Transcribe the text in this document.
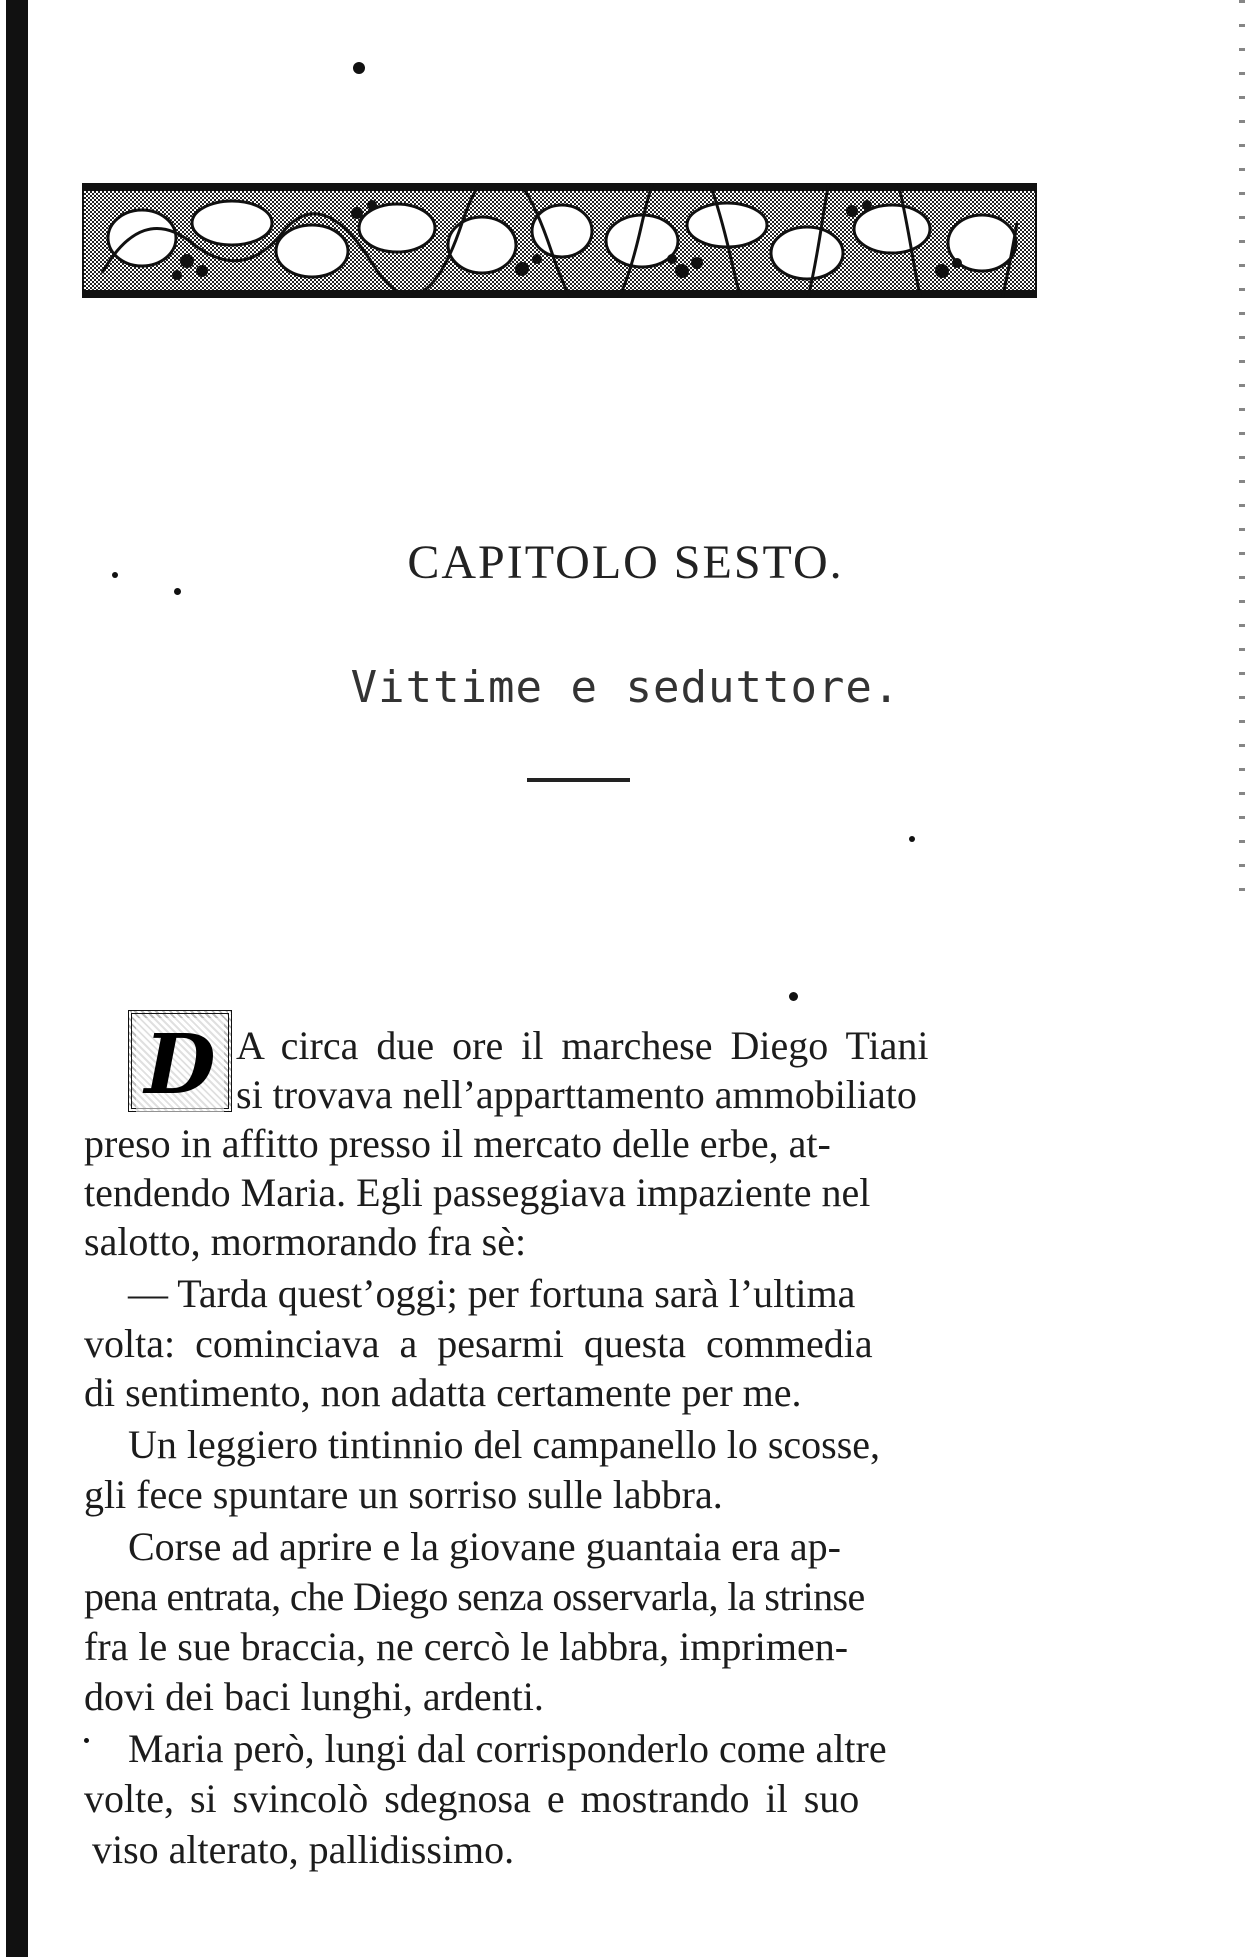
CAPITOLO SESTO.
Vittime e seduttore.
D A circa due ore il marchese Diego Tiani
si trovava nell’apparttamento ammobiliato
preso in affitto presso il mercato delle erbe, at-
tendendo Maria. Egli passeggiava impaziente nel
salotto, mormorando fra sè:
— Tarda quest’oggi; per fortuna sarà l’ultima
volta: cominciava a pesarmi questa commedia
di sentimento, non adatta certamente per me.
Un leggiero tintinnio del campanello lo scosse,
gli fece spuntare un sorriso sulle labbra.
Corse ad aprire e la giovane guantaia era ap-
pena entrata, che Diego senza osservarla, la strinse
fra le sue braccia, ne cercò le labbra, imprimen-
dovi dei baci lunghi, ardenti.
Maria però, lungi dal corrisponderlo come altre
volte, si svincolò sdegnosa e mostrando il suo
viso alterato, pallidissimo.
